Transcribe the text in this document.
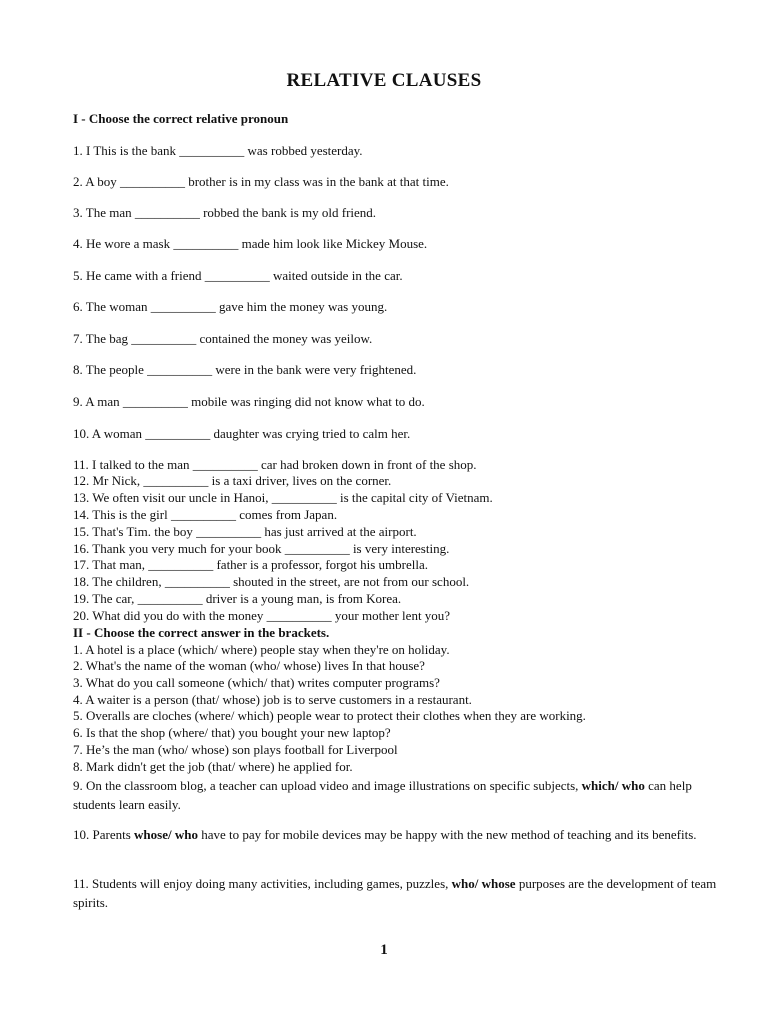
RELATIVE CLAUSES
I - Choose the correct relative pronoun
1. I This is the bank __________ was robbed yesterday.
2. A boy __________ brother is in my class was in the bank at that time.
3. The man __________ robbed the bank is my old friend.
4. He wore a mask __________ made him look like Mickey Mouse.
5. He came with a friend __________ waited outside in the car.
6. The woman __________ gave him the money was young.
7. The bag __________ contained the money was yeilow.
8. The people __________ were in the bank were very frightened.
9. A man __________ mobile was ringing did not know what to do.
10. A woman __________ daughter was crying tried to calm her.
11. I talked to the man __________ car had broken down in front of the shop.
12. Mr Nick, __________ is a taxi driver, lives on the corner.
13. We often visit our uncle in Hanoi, __________ is the capital city of Vietnam.
14. This is the girl __________ comes from Japan.
15. That's Tim. the boy __________ has just arrived at the airport.
16. Thank you very much for your book __________ is very interesting.
17. That man, __________ father is a professor, forgot his umbrella.
18. The children, __________ shouted in the street, are not from our school.
19. The car, __________ driver is a young man, is from Korea.
20. What did you do with the money __________ your mother lent you?
II - Choose the correct answer in the brackets.
1. A hotel is a place (which/ where) people stay when they're on holiday.
2. What's the name of the woman (who/ whose) lives In that house?
3. What do you call someone (which/ that) writes computer programs?
4. A waiter is a person (that/ whose) job is to serve customers in a restaurant.
5. Overalls are cloches (where/ which) people wear to protect their clothes when they are working.
6. Is that the shop (where/ that) you bought your new laptop?
7. He’s the man (who/ whose) son plays football for Liverpool
8. Mark didn't get the job (that/ where) he applied for.
9. On the classroom blog, a teacher can upload video and image illustrations on specific subjects, which/ who can help students learn easily.
10. Parents whose/ who have to pay for mobile devices may be happy with the new method of teaching and its benefits.
11. Students will enjoy doing many activities, including games, puzzles, who/ whose purposes are the development of team spirits.
1
